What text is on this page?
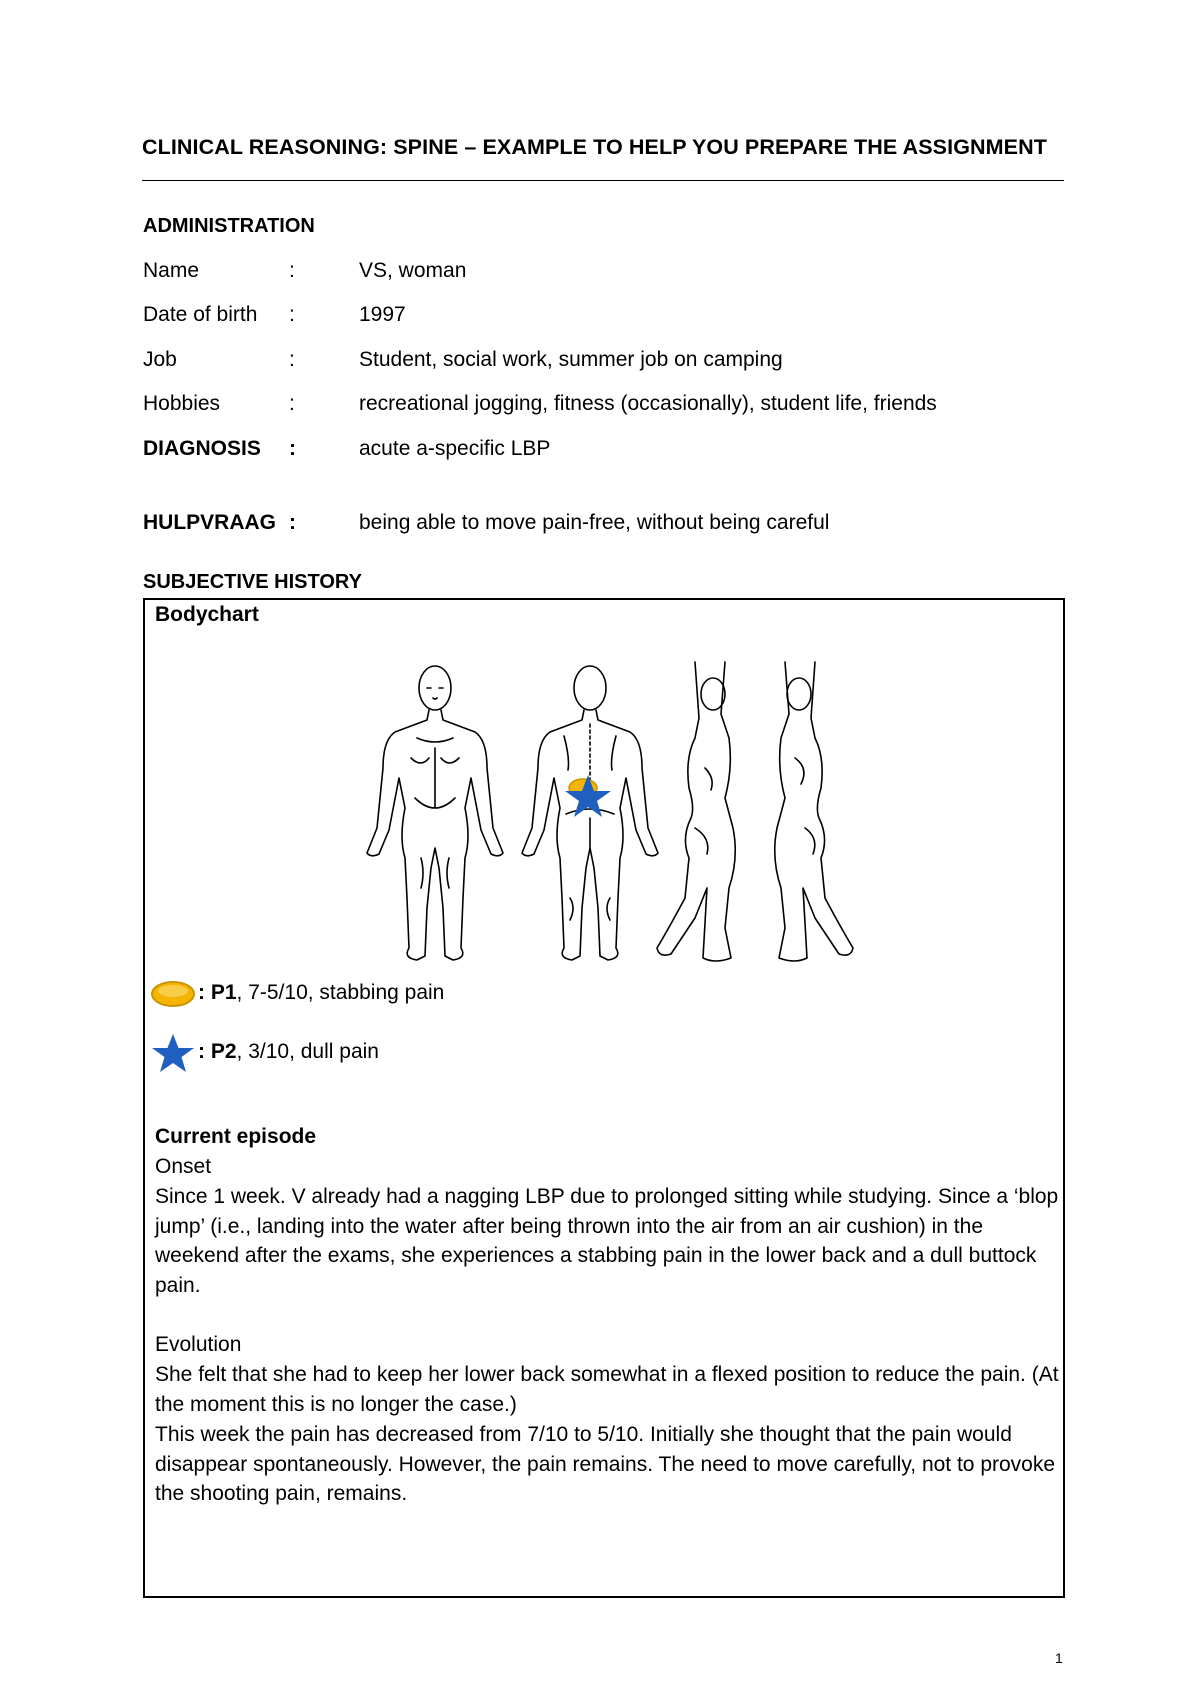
CLINICAL REASONING: SPINE – EXAMPLE TO HELP YOU PREPARE THE ASSIGNMENT
ADMINISTRATION
Name	:	VS, woman
Date of birth :	1997
Job	:	Student, social work, summer job on camping
Hobbies	:	recreational jogging, fitness (occasionally), student life, friends
DIAGNOSIS :	acute a-specific LBP
HULPVRAAG :	being able to move pain-free, without being careful
SUBJECTIVE HISTORY
Bodychart
: P1, 7-5/10, stabbing pain
: P2, 3/10, dull pain
Current episode
Onset
Since 1 week. V already had a nagging LBP due to prolonged sitting while studying. Since a ‘blop jump’ (i.e., landing into the water after being thrown into the air from an air cushion) in the weekend after the exams, she experiences a stabbing pain in the lower back and a dull buttock pain.
Evolution
She felt that she had to keep her lower back somewhat in a flexed position to reduce the pain. (At the moment this is no longer the case.)
This week the pain has decreased from 7/10 to 5/10. Initially she thought that the pain would disappear spontaneously. However, the pain remains. The need to move carefully, not to provoke the shooting pain, remains.
1
